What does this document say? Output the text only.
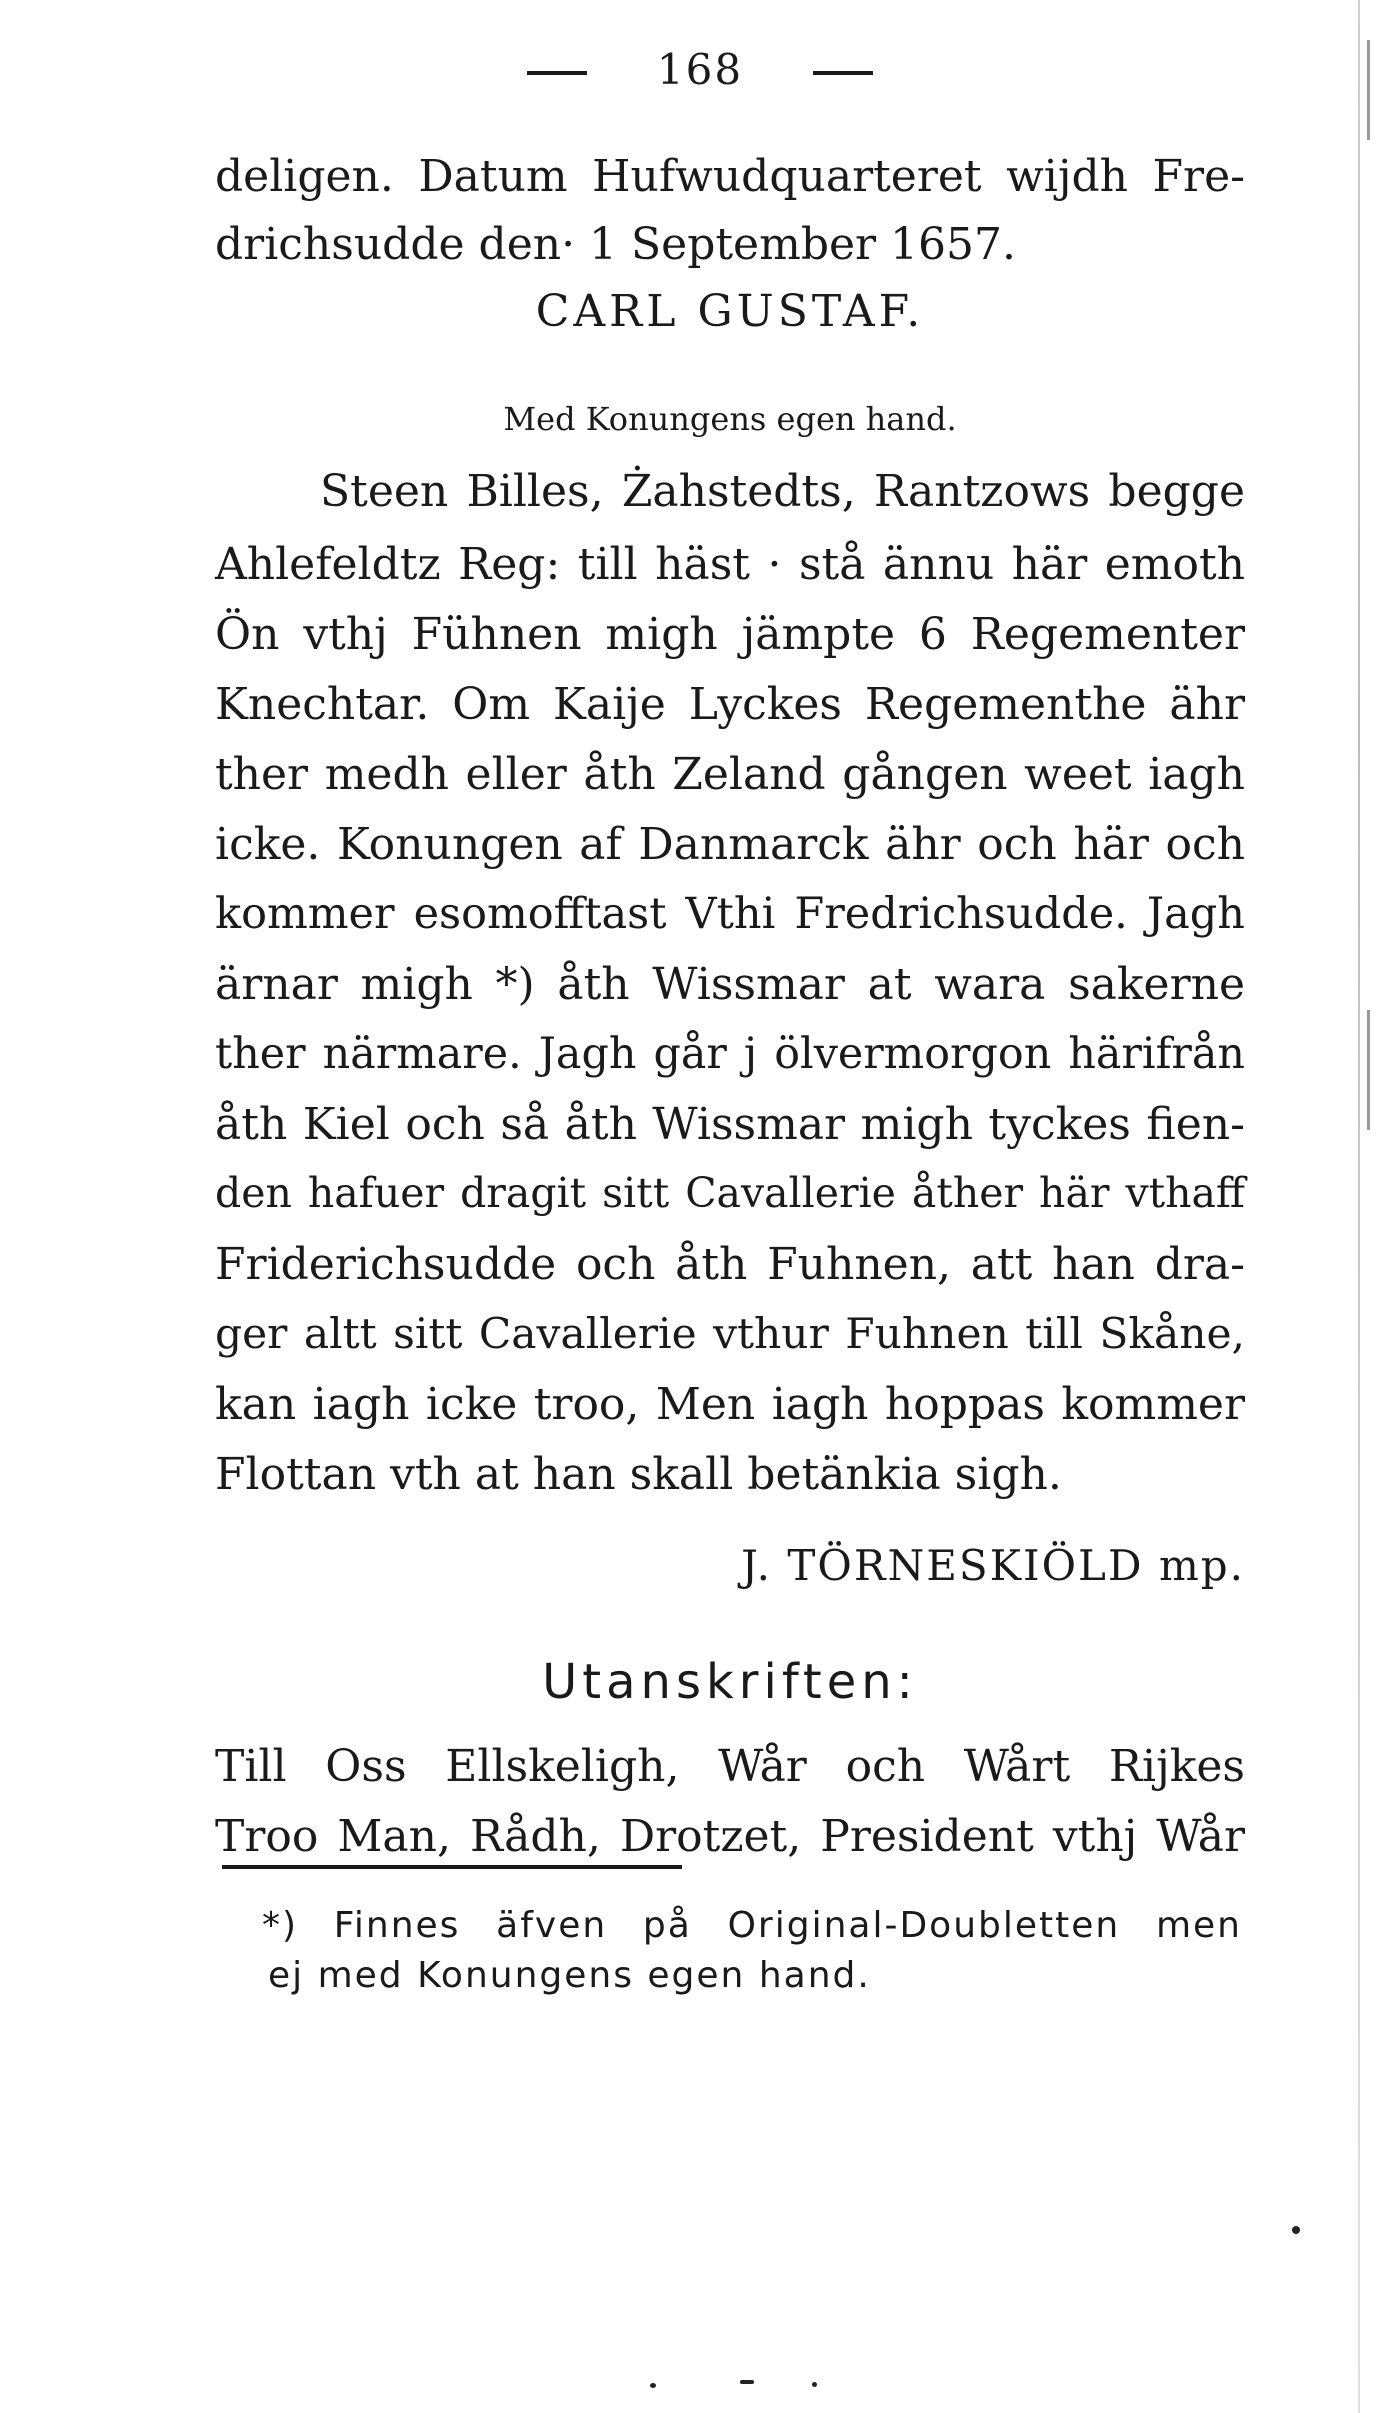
168
deligen. Datum Hufwudquarteret wijdh Fre-
drichsudde den· 1 September 1657.
CARL GUSTAF.
Med Konungens egen hand.
Steen Billes, Żahstedts, Rantzows begge
Ahlefeldtz Reg: till häst · stå ännu här emoth
Ön vthj Fühnen migh jämpte 6 Regementer
Knechtar. Om Kaije Lyckes Regementhe ähr
ther medh eller åth Zeland gången weet iagh
icke. Konungen af Danmarck ähr och här och
kommer esomofftast Vthi Fredrichsudde. Jagh
ärnar migh *) åth Wissmar at wara sakerne
ther närmare. Jagh går j ölvermorgon härifrån
åth Kiel och så åth Wissmar migh tyckes fien-
den hafuer dragit sitt Cavallerie åther här vthaff
Friderichsudde och åth Fuhnen, att han dra-
ger altt sitt Cavallerie vthur Fuhnen till Skåne,
kan iagh icke troo, Men iagh hoppas kommer
Flottan vth at han skall betänkia sigh.
J. TÖRNESKIÖLD mp.
Utanskriften:
Till Oss Ellskeligh, Wår och Wårt Rijkes
Troo Man, Rådh, Drotzet, President vthj Wår
*) Finnes äfven på Original-Doubletten men
ej med Konungens egen hand.
